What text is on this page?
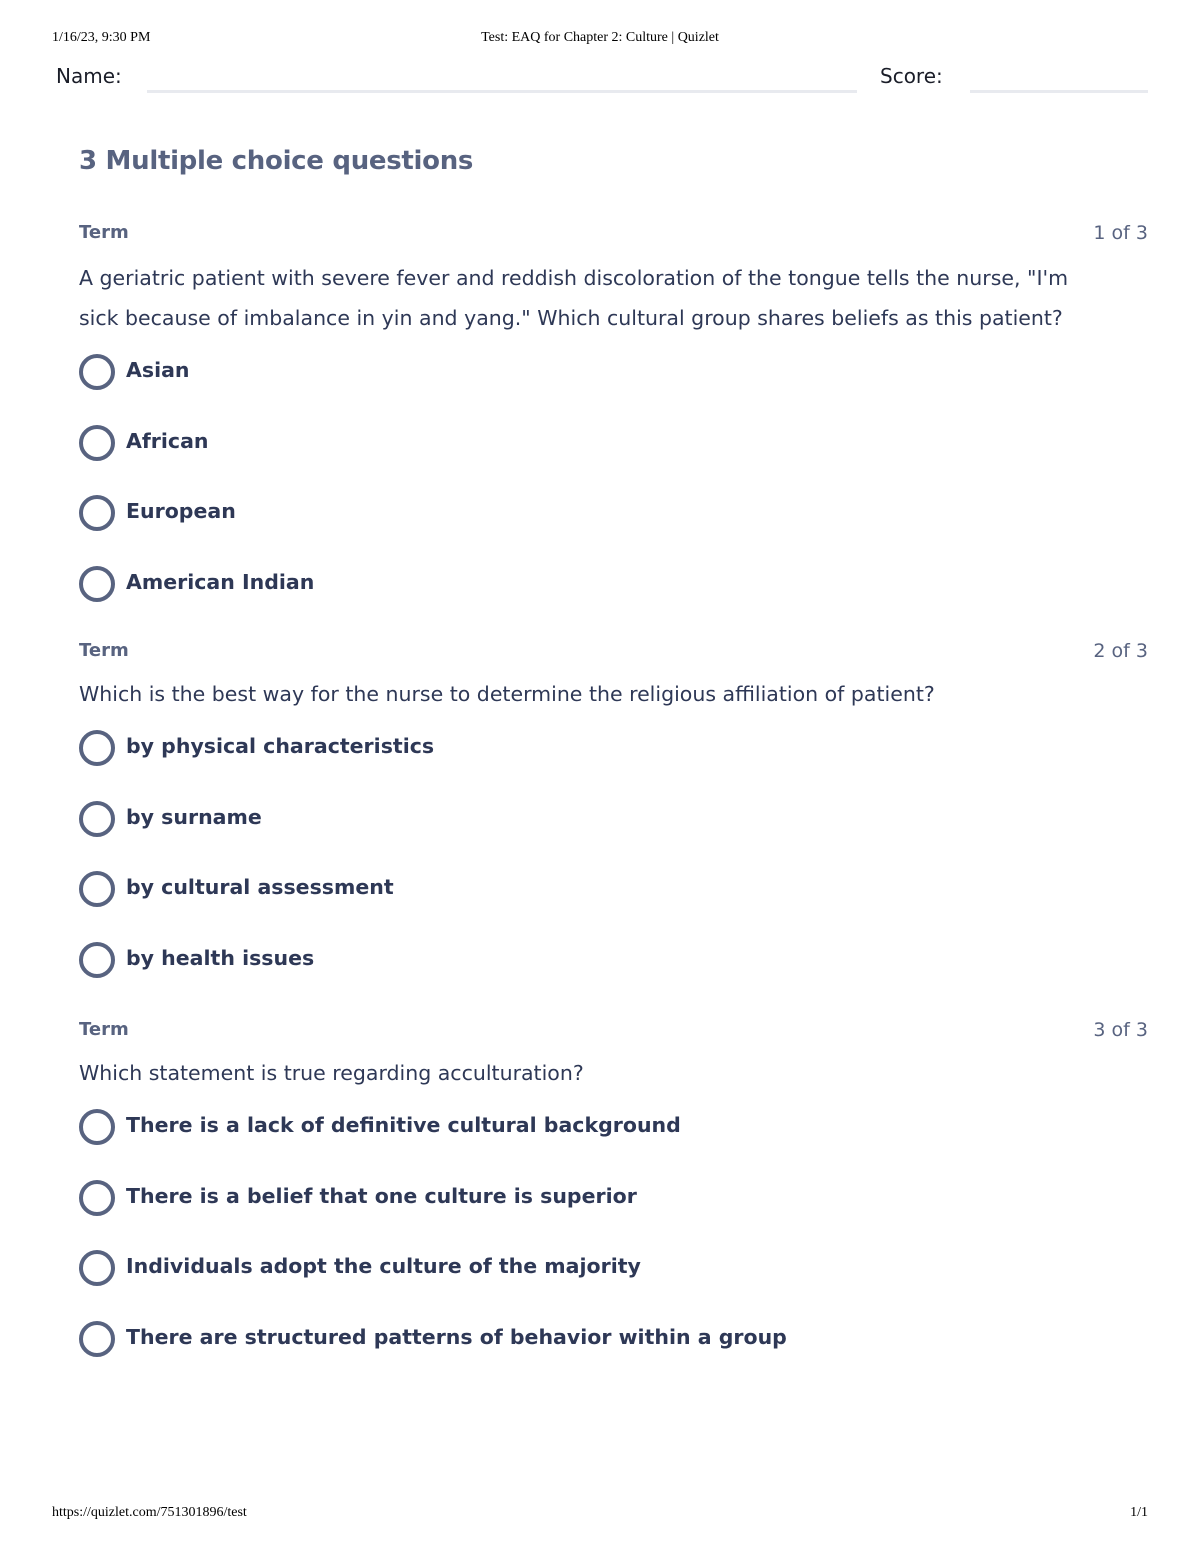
1/16/23, 9:30 PM	Test: EAQ for Chapter 2: Culture | Quizlet
Name:	Score:
3 Multiple choice questions
Term	1 of 3
A geriatric patient with severe fever and reddish discoloration of the tongue tells the nurse, "I'm sick because of imbalance in yin and yang." Which cultural group shares beliefs as this patient?
Asian
African
European
American Indian
Term	2 of 3
Which is the best way for the nurse to determine the religious affiliation of patient?
by physical characteristics
by surname
by cultural assessment
by health issues
Term	3 of 3
Which statement is true regarding acculturation?
There is a lack of definitive cultural background
There is a belief that one culture is superior
Individuals adopt the culture of the majority
There are structured patterns of behavior within a group
https://quizlet.com/751301896/test	1/1
